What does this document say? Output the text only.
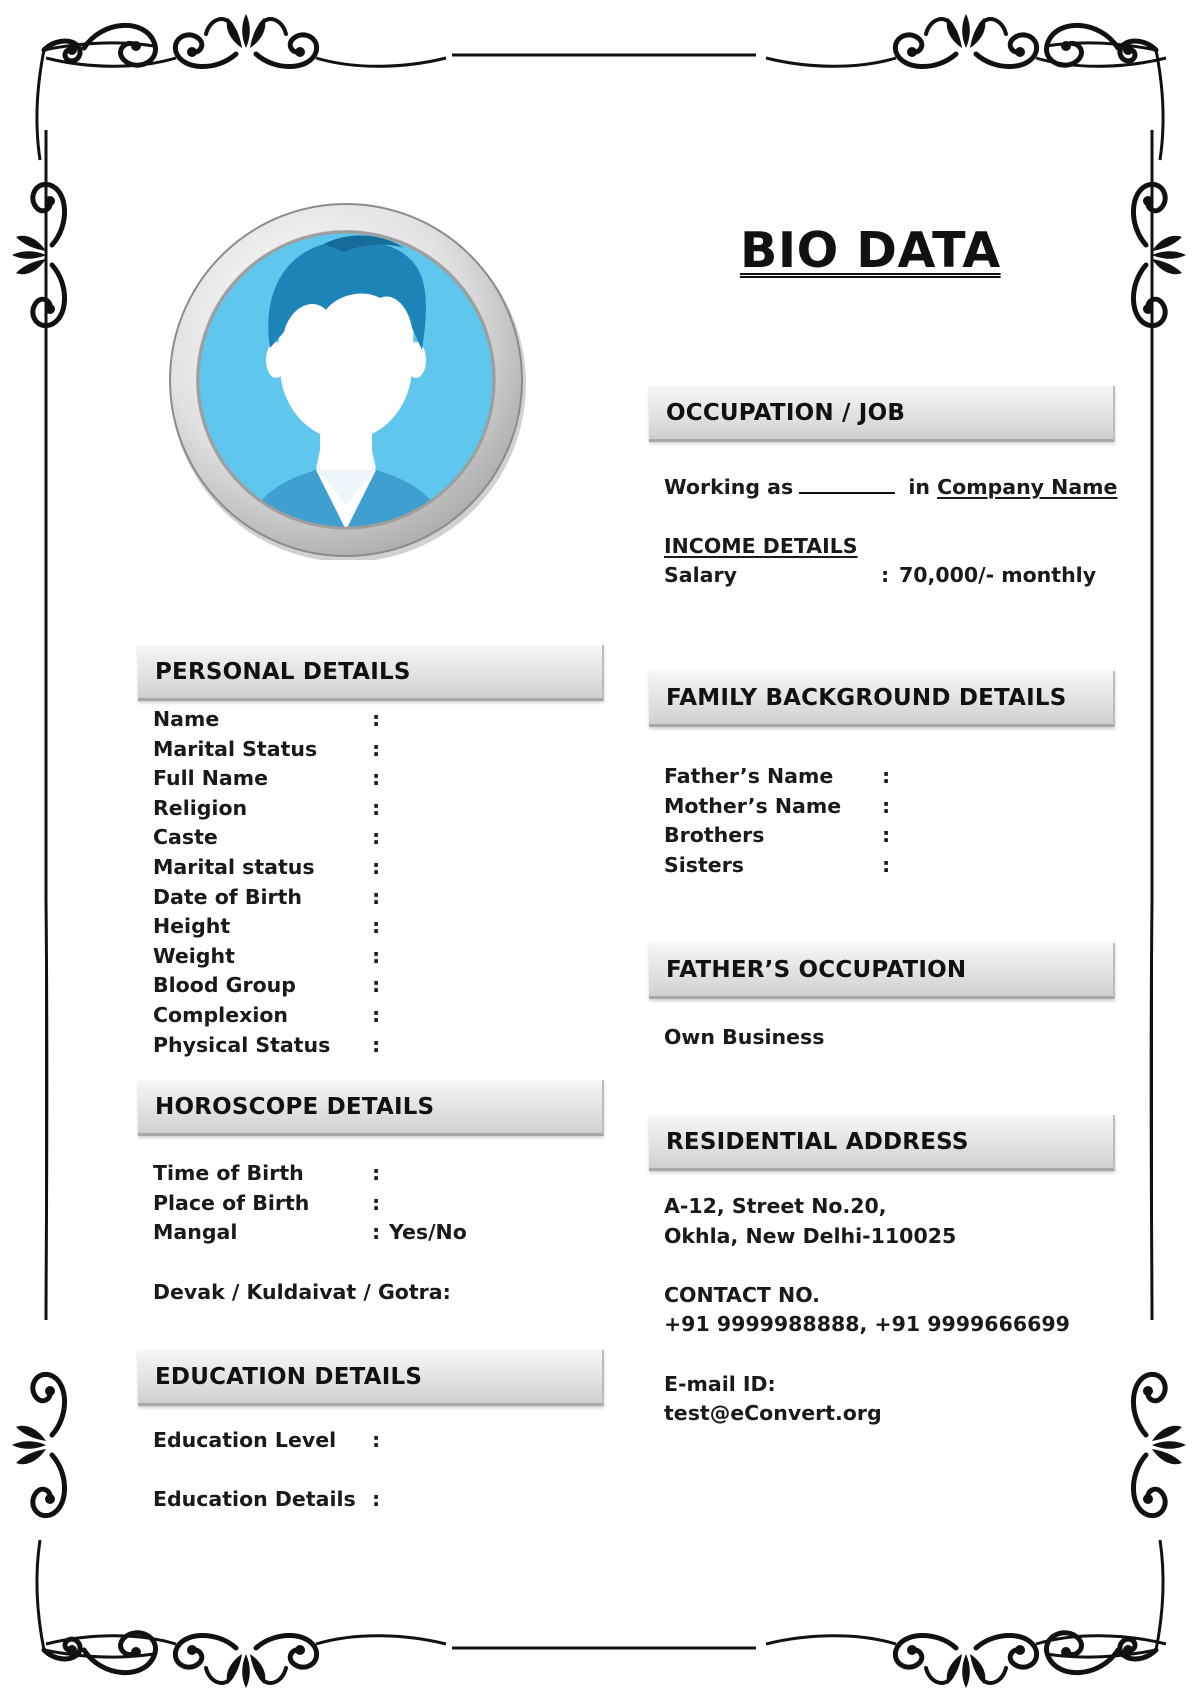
BIO DATA
OCCUPATION / JOB
Working as	in Company Name
INCOME DETAILS
Salary	: 70,000/- monthly
FAMILY BACKGROUND DETAILS
Father’s Name :
Mother’s Name :
Brothers	:
Sisters	:
FATHER’S OCCUPATION
Own Business
RESIDENTIAL ADDRESS
A-12, Street No.20,
Okhla, New Delhi-110025
CONTACT NO.
+91 9999988888, +91 9999666699
E-mail ID:
test@eConvert.org
PERSONAL DETAILS
Name	:
Marital Status	:
Full Name	:
Religion	:
Caste	:
Marital status	:
Date of Birth	:
Height	:
Weight	:
Blood Group	:
Complexion	:
Physical Status :
HOROSCOPE DETAILS
Time of Birth	:
Place of Birth	:
Mangal	: Yes/No
Devak / Kuldaivat / Gotra:
EDUCATION DETAILS
Education Level :
Education Details :
